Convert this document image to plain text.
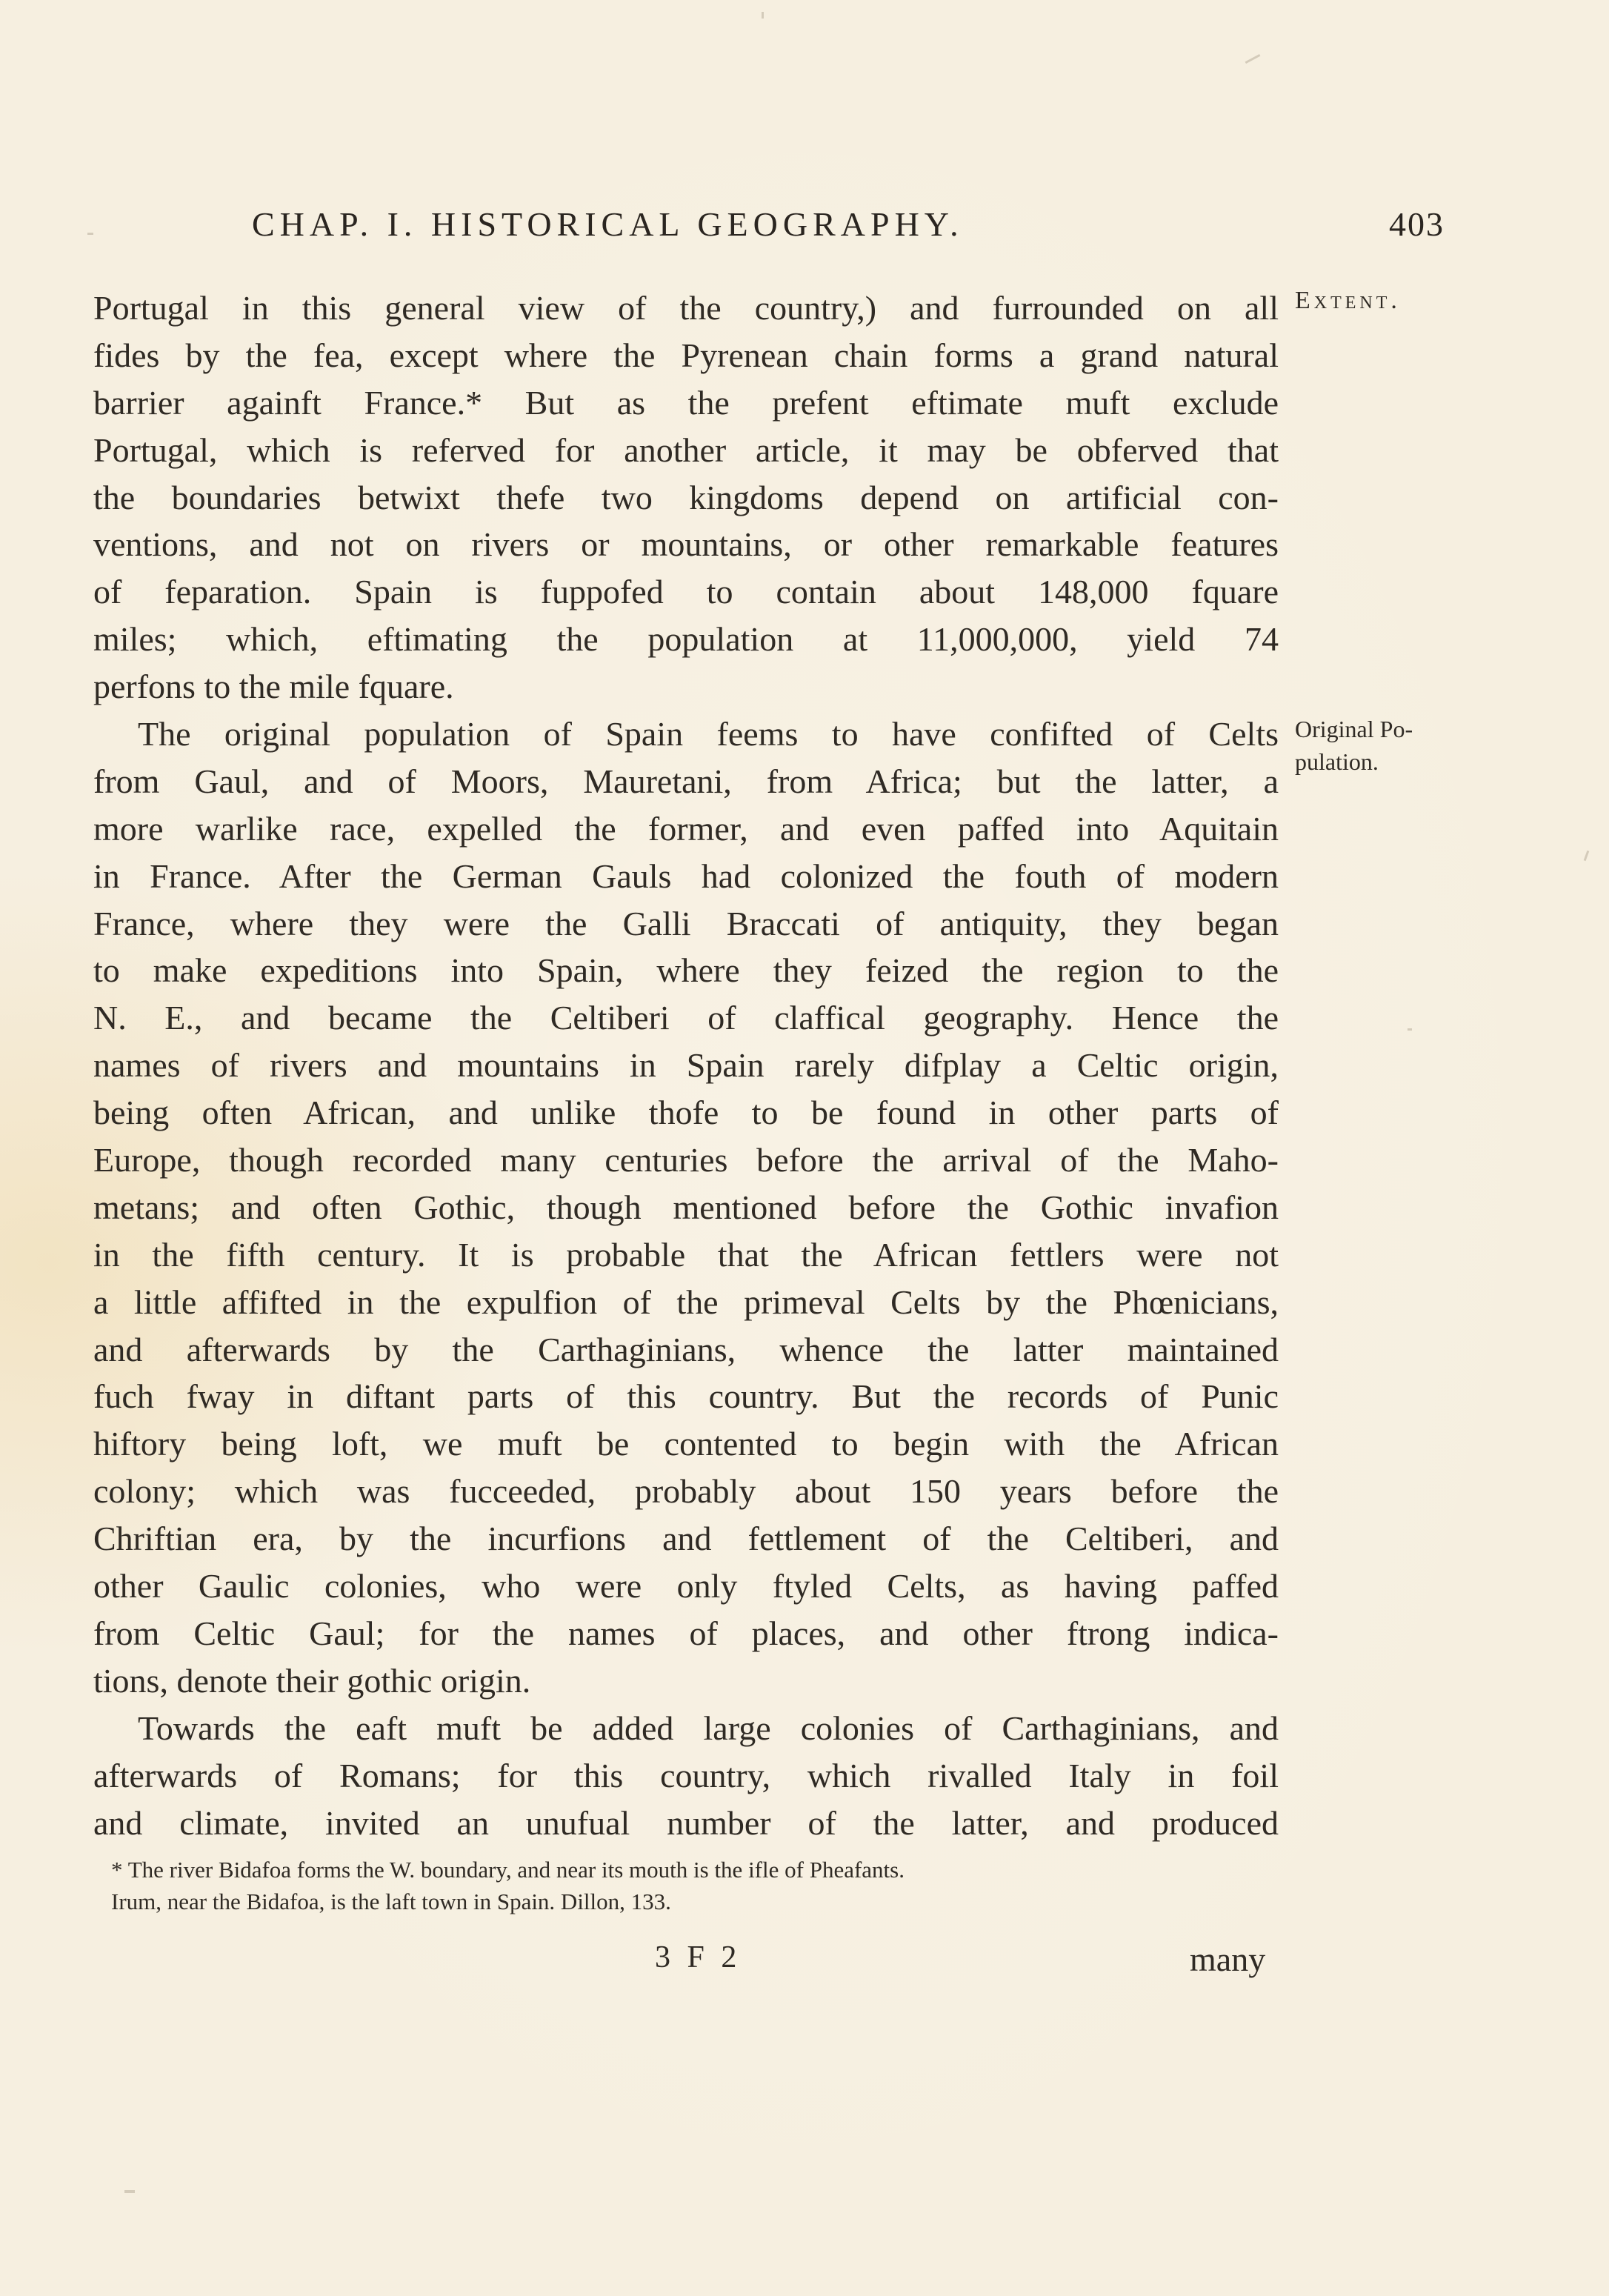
CHAP. I. HISTORICAL GEOGRAPHY.	403
Extent.
Original Po-
pulation.
Portugal in this general view of the country,) and furrounded on all
fides by the fea, except where the Pyrenean chain forms a grand natural
barrier againft France.* But as the prefent eftimate muft exclude
Portugal, which is referved for another article, it may be obferved that
the boundaries betwixt thefe two kingdoms depend on artificial con-
ventions, and not on rivers or mountains, or other remarkable features
of feparation. Spain is fuppofed to contain about 148,000 fquare
miles; which, eftimating the population at 11,000,000, yield 74
perfons to the mile fquare.
The original population of Spain feems to have confifted of Celts
from Gaul, and of Moors, Mauretani, from Africa; but the latter, a
more warlike race, expelled the former, and even paffed into Aquitain
in France. After the German Gauls had colonized the fouth of modern
France, where they were the Galli Braccati of antiquity, they began
to make expeditions into Spain, where they feized the region to the
N. E., and became the Celtiberi of claffical geography. Hence the
names of rivers and mountains in Spain rarely difplay a Celtic origin,
being often African, and unlike thofe to be found in other parts of
Europe, though recorded many centuries before the arrival of the Maho-
metans; and often Gothic, though mentioned before the Gothic invafion
in the fifth century. It is probable that the African fettlers were not
a little affifted in the expulfion of the primeval Celts by the Phœnicians,
and afterwards by the Carthaginians, whence the latter maintained
fuch fway in diftant parts of this country. But the records of Punic
hiftory being loft, we muft be contented to begin with the African
colony; which was fucceeded, probably about 150 years before the
Chriftian era, by the incurfions and fettlement of the Celtiberi, and
other Gaulic colonies, who were only ftyled Celts, as having paffed
from Celtic Gaul; for the names of places, and other ftrong indica-
tions, denote their gothic origin.
Towards the eaft muft be added large colonies of Carthaginians, and
afterwards of Romans; for this country, which rivalled Italy in foil
and climate, invited an unufual number of the latter, and produced
* The river Bidafoa forms the W. boundary, and near its mouth is the ifle of Pheafants.
Irum, near the Bidafoa, is the laft town in Spain. Dillon, 133.
3 F 2	many
